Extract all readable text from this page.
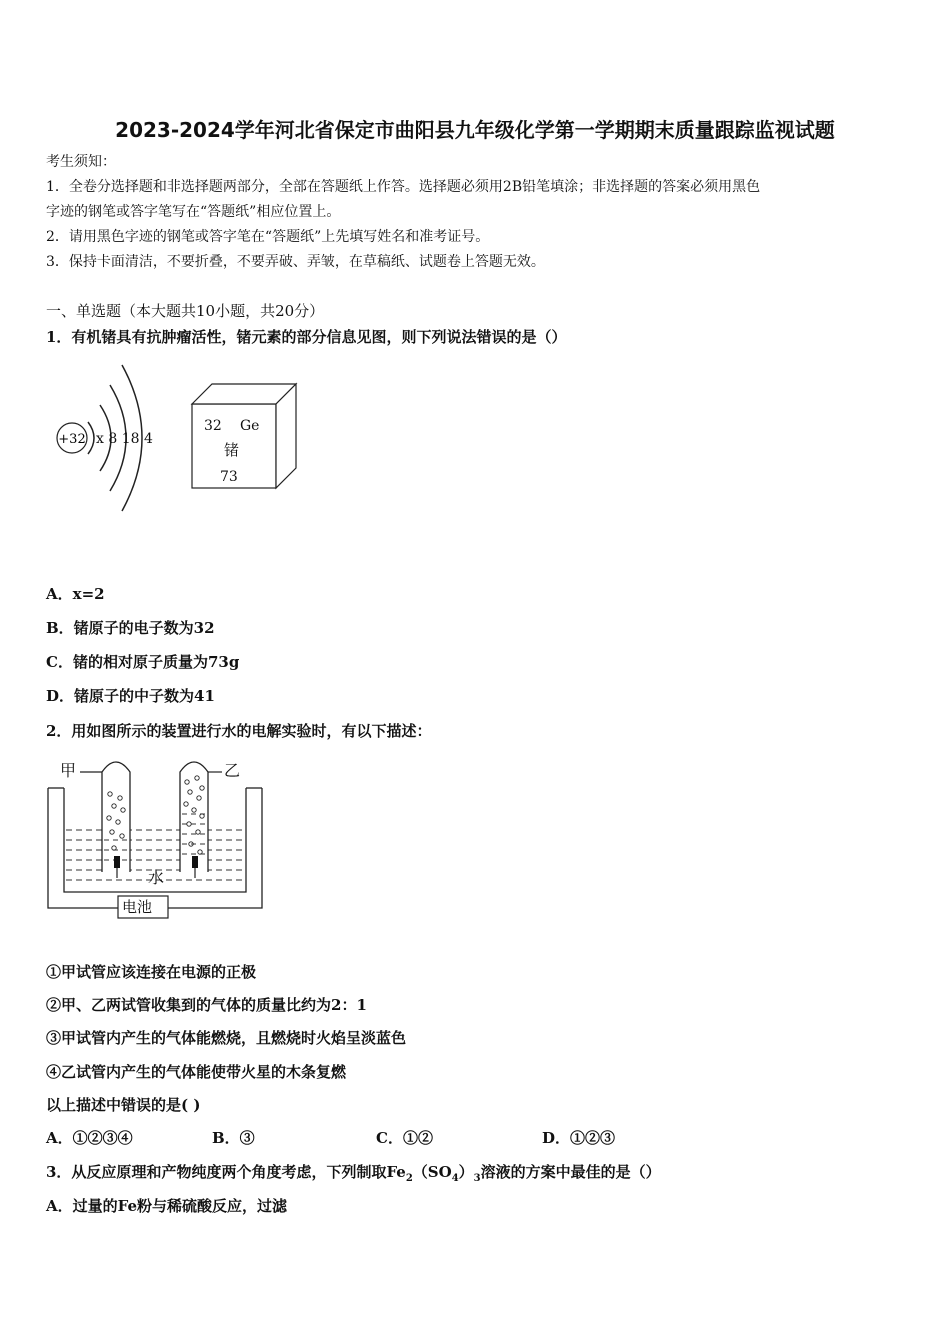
2023-2024学年河北省保定市曲阳县九年级化学第一学期期末质量跟踪监视试题
考生须知：
1．全卷分选择题和非选择题两部分，全部在答题纸上作答。选择题必须用2B铅笔填涂；非选择题的答案必须用黑色
字迹的钢笔或答字笔写在“答题纸”相应位置上。
2．请用黑色字迹的钢笔或答字笔在“答题纸”上先填写姓名和准考证号。
3．保持卡面清洁，不要折叠，不要弄破、弄皱，在草稿纸、试题卷上答题无效。
一、单选题（本大题共10小题，共20分）
1．有机锗具有抗肿瘤活性，锗元素的部分信息见图，则下列说法错误的是（）
+32 x 8 18 4
32 Ge
锗
73
A．x=2
B．锗原子的电子数为32
C．锗的相对原子质量为73g
D．锗原子的中子数为41
2．用如图所示的装置进行水的电解实验时，有以下描述：
甲	乙
水
电池
①甲试管应该连接在电源的正极
②甲、乙两试管收集到的气体的质量比约为2：1
③甲试管内产生的气体能燃烧，且燃烧时火焰呈淡蓝色
④乙试管内产生的气体能使带火星的木条复燃
以上描述中错误的是( )
A．①②③④	B．③	C．①②	D．①②③
3．从反应原理和产物纯度两个角度考虑，下列制取$Fe_2(SO_4)_3$溶液的方案中最佳的是（）
A．过量的Fe粉与稀硫酸反应，过滤
